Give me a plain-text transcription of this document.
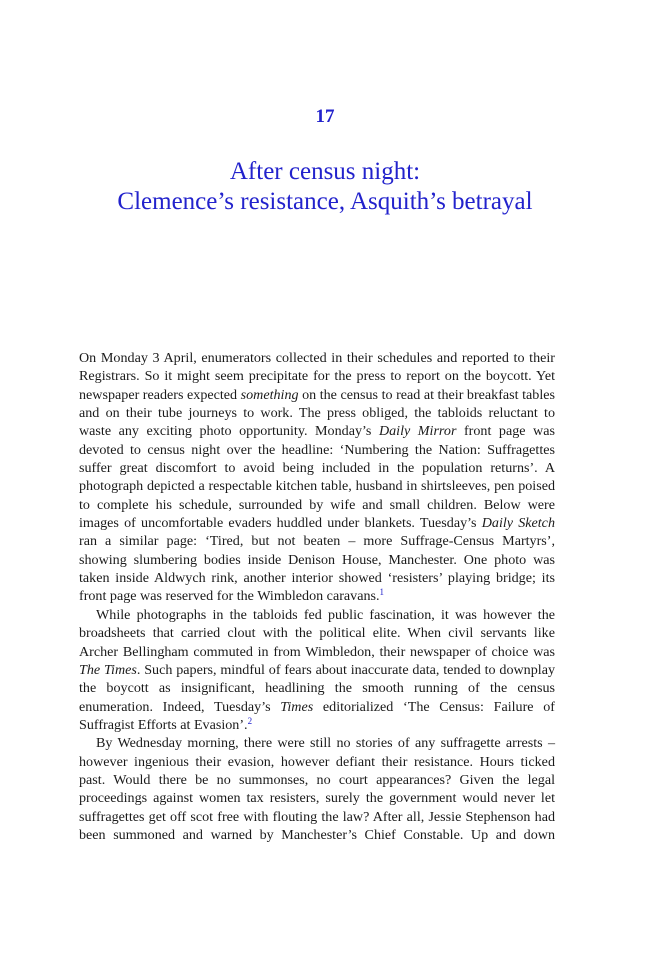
17
After census night:
Clemence’s resistance, Asquith’s betrayal

On Monday 3 April, enumerators collected in their schedules and reported to their Registrars. So it might seem precipitate for the press to report on the boycott. Yet newspaper readers expected something on the census to read at their breakfast tables and on their tube journeys to work. The press obliged, the tabloids reluctant to waste any exciting photo opportunity. Monday’s Daily Mirror front page was devoted to census night over the headline: ‘Numbering the Nation: Suffragettes suffer great discomfort to avoid being included in the population returns’. A photograph depicted a respectable kitchen table, husband in shirtsleeves, pen poised to complete his schedule, surrounded by wife and small children. Below were images of uncomfortable evaders huddled under blankets. Tuesday’s Daily Sketch ran a similar page: ‘Tired, but not beaten – more Suffrage-Census Martyrs’, showing slumbering bodies inside Denison House, Manchester. One photo was taken inside Aldwych rink, another interior showed ‘resisters’ playing bridge; its front page was reserved for the Wimbledon caravans.$^1$

While photographs in the tabloids fed public fascination, it was however the broadsheets that carried clout with the political elite. When civil servants like Archer Bellingham commuted in from Wimbledon, their newspaper of choice was The Times. Such papers, mindful of fears about inaccurate data, tended to downplay the boycott as insignificant, headlining the smooth running of the census enumeration. Indeed, Tuesday’s Times editorialized ‘The Census: Failure of Suffragist Efforts at Evasion’.$^2$

By Wednesday morning, there were still no stories of any suffragette arrests – however ingenious their evasion, however defiant their resistance. Hours ticked past. Would there be no summonses, no court appearances? Given the legal proceedings against women tax resisters, surely the government would never let suffragettes get off scot free with flouting the law? After all, Jessie Stephenson had been summoned and warned by Manchester’s Chief Constable. Up and down
